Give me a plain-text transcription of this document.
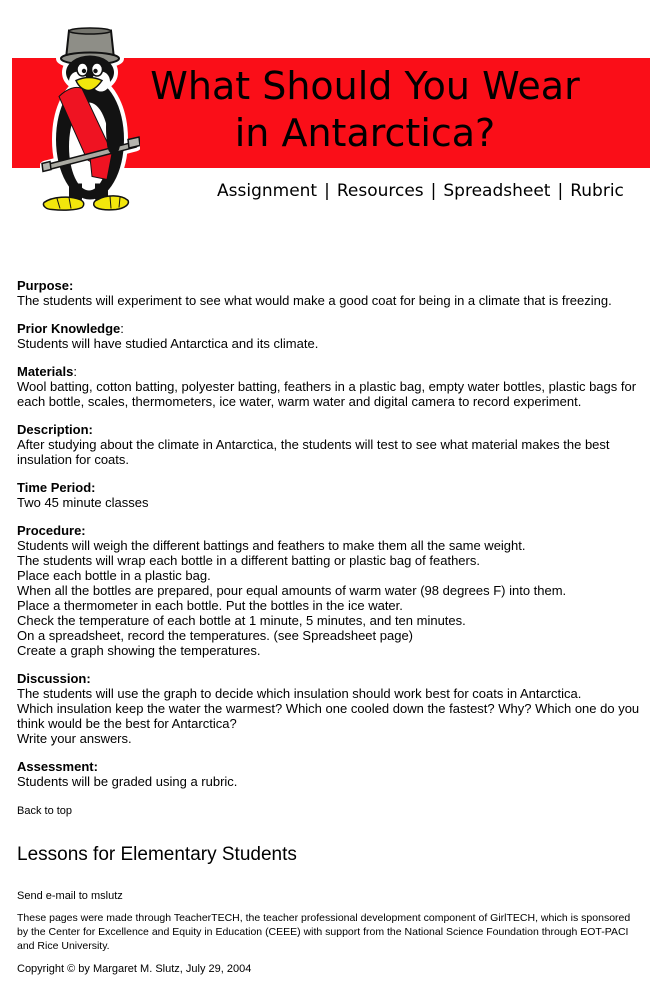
What Should You Wear
in Antarctica?
Assignment | Resources | Spreadsheet | Rubric
Purpose:
The students will experiment to see what would make a good coat for being in a climate that is freezing.
Prior Knowledge:
Students will have studied Antarctica and its climate.
Materials:
Wool batting, cotton batting, polyester batting, feathers in a plastic bag, empty water bottles, plastic bags for each bottle, scales, thermometers, ice water, warm water and digital camera to record experiment.
Description:
After studying about the climate in Antarctica, the students will test to see what material makes the best insulation for coats.
Time Period:
Two 45 minute classes
Procedure:
Students will weigh the different battings and feathers to make them all the same weight.
The students will wrap each bottle in a different batting or plastic bag of feathers.
Place each bottle in a plastic bag.
When all the bottles are prepared, pour equal amounts of warm water (98 degrees F) into them.
Place a thermometer in each bottle. Put the bottles in the ice water.
Check the temperature of each bottle at 1 minute, 5 minutes, and ten minutes.
On a spreadsheet, record the temperatures. (see Spreadsheet page)
Create a graph showing the temperatures.
Discussion:
The students will use the graph to decide which insulation should work best for coats in Antarctica.
Which insulation keep the water the warmest? Which one cooled down the fastest? Why? Which one do you think would be the best for Antarctica?
Write your answers.
Assessment:
Students will be graded using a rubric.
Back to top
Lessons for Elementary Students
Send e-mail to mslutz

These pages were made through TeacherTECH, the teacher professional development component of GirlTECH, which is sponsored by the Center for Excellence and Equity in Education (CEEE) with support from the National Science Foundation through EOT-PACI and Rice University.

Copyright © by Margaret M. Slutz, July 29, 2004
